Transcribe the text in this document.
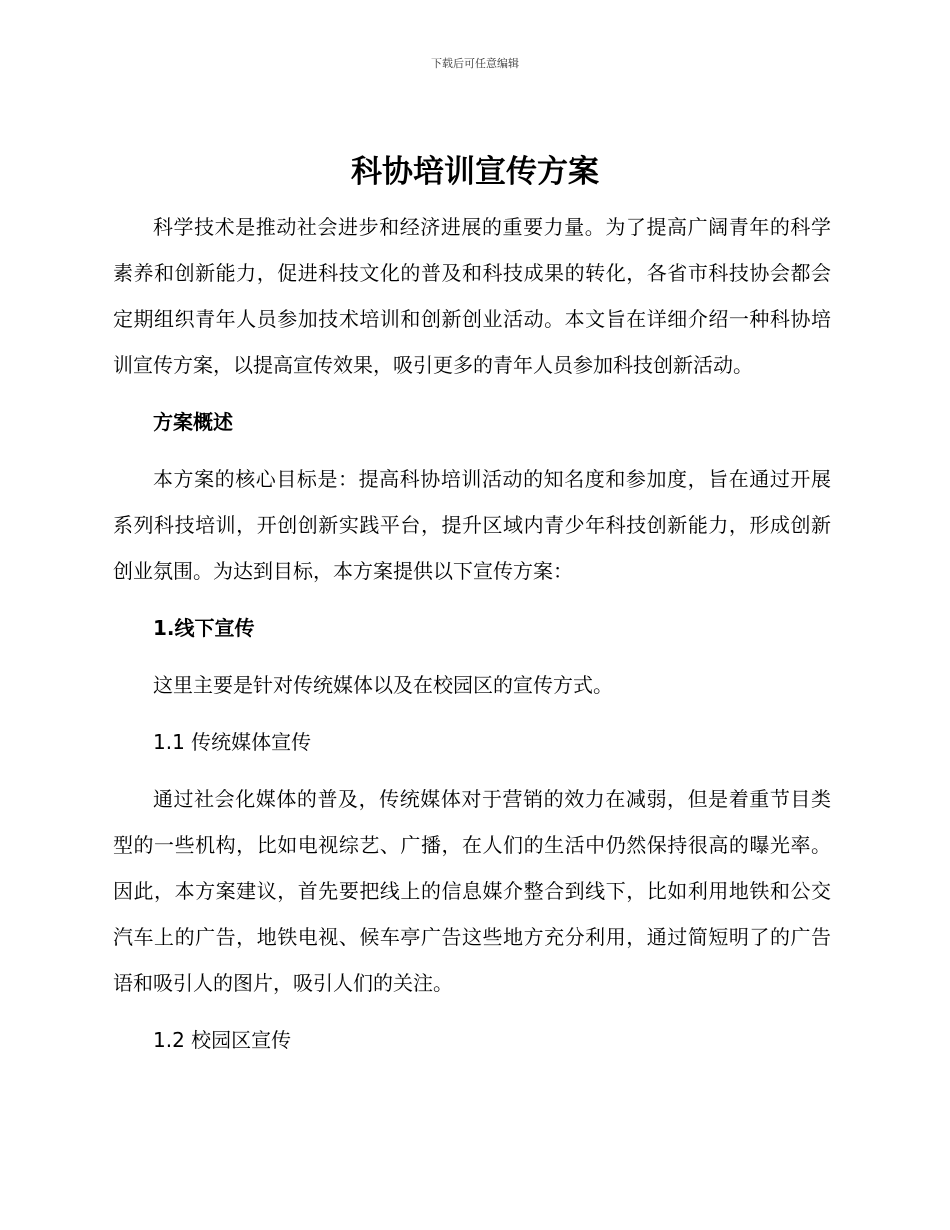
下载后可任意编辑
科协培训宣传方案

科学技术是推动社会进步和经济进展的重要力量。为了提高广阔青年的科学素养和创新能力，促进科技文化的普及和科技成果的转化，各省市科技协会都会定期组织青年人员参加技术培训和创新创业活动。本文旨在详细介绍一种科协培训宣传方案，以提高宣传效果，吸引更多的青年人员参加科技创新活动。

方案概述

本方案的核心目标是：提高科协培训活动的知名度和参加度，旨在通过开展系列科技培训，开创创新实践平台，提升区域内青少年科技创新能力，形成创新创业氛围。为达到目标，本方案提供以下宣传方案：

1.线下宣传

这里主要是针对传统媒体以及在校园区的宣传方式。

1.1 传统媒体宣传

通过社会化媒体的普及，传统媒体对于营销的效力在减弱，但是着重节目类型的一些机构，比如电视综艺、广播，在人们的生活中仍然保持很高的曝光率。因此，本方案建议，首先要把线上的信息媒介整合到线下，比如利用地铁和公交汽车上的广告，地铁电视、候车亭广告这些地方充分利用，通过简短明了的广告语和吸引人的图片，吸引人们的关注。

1.2 校园区宣传
